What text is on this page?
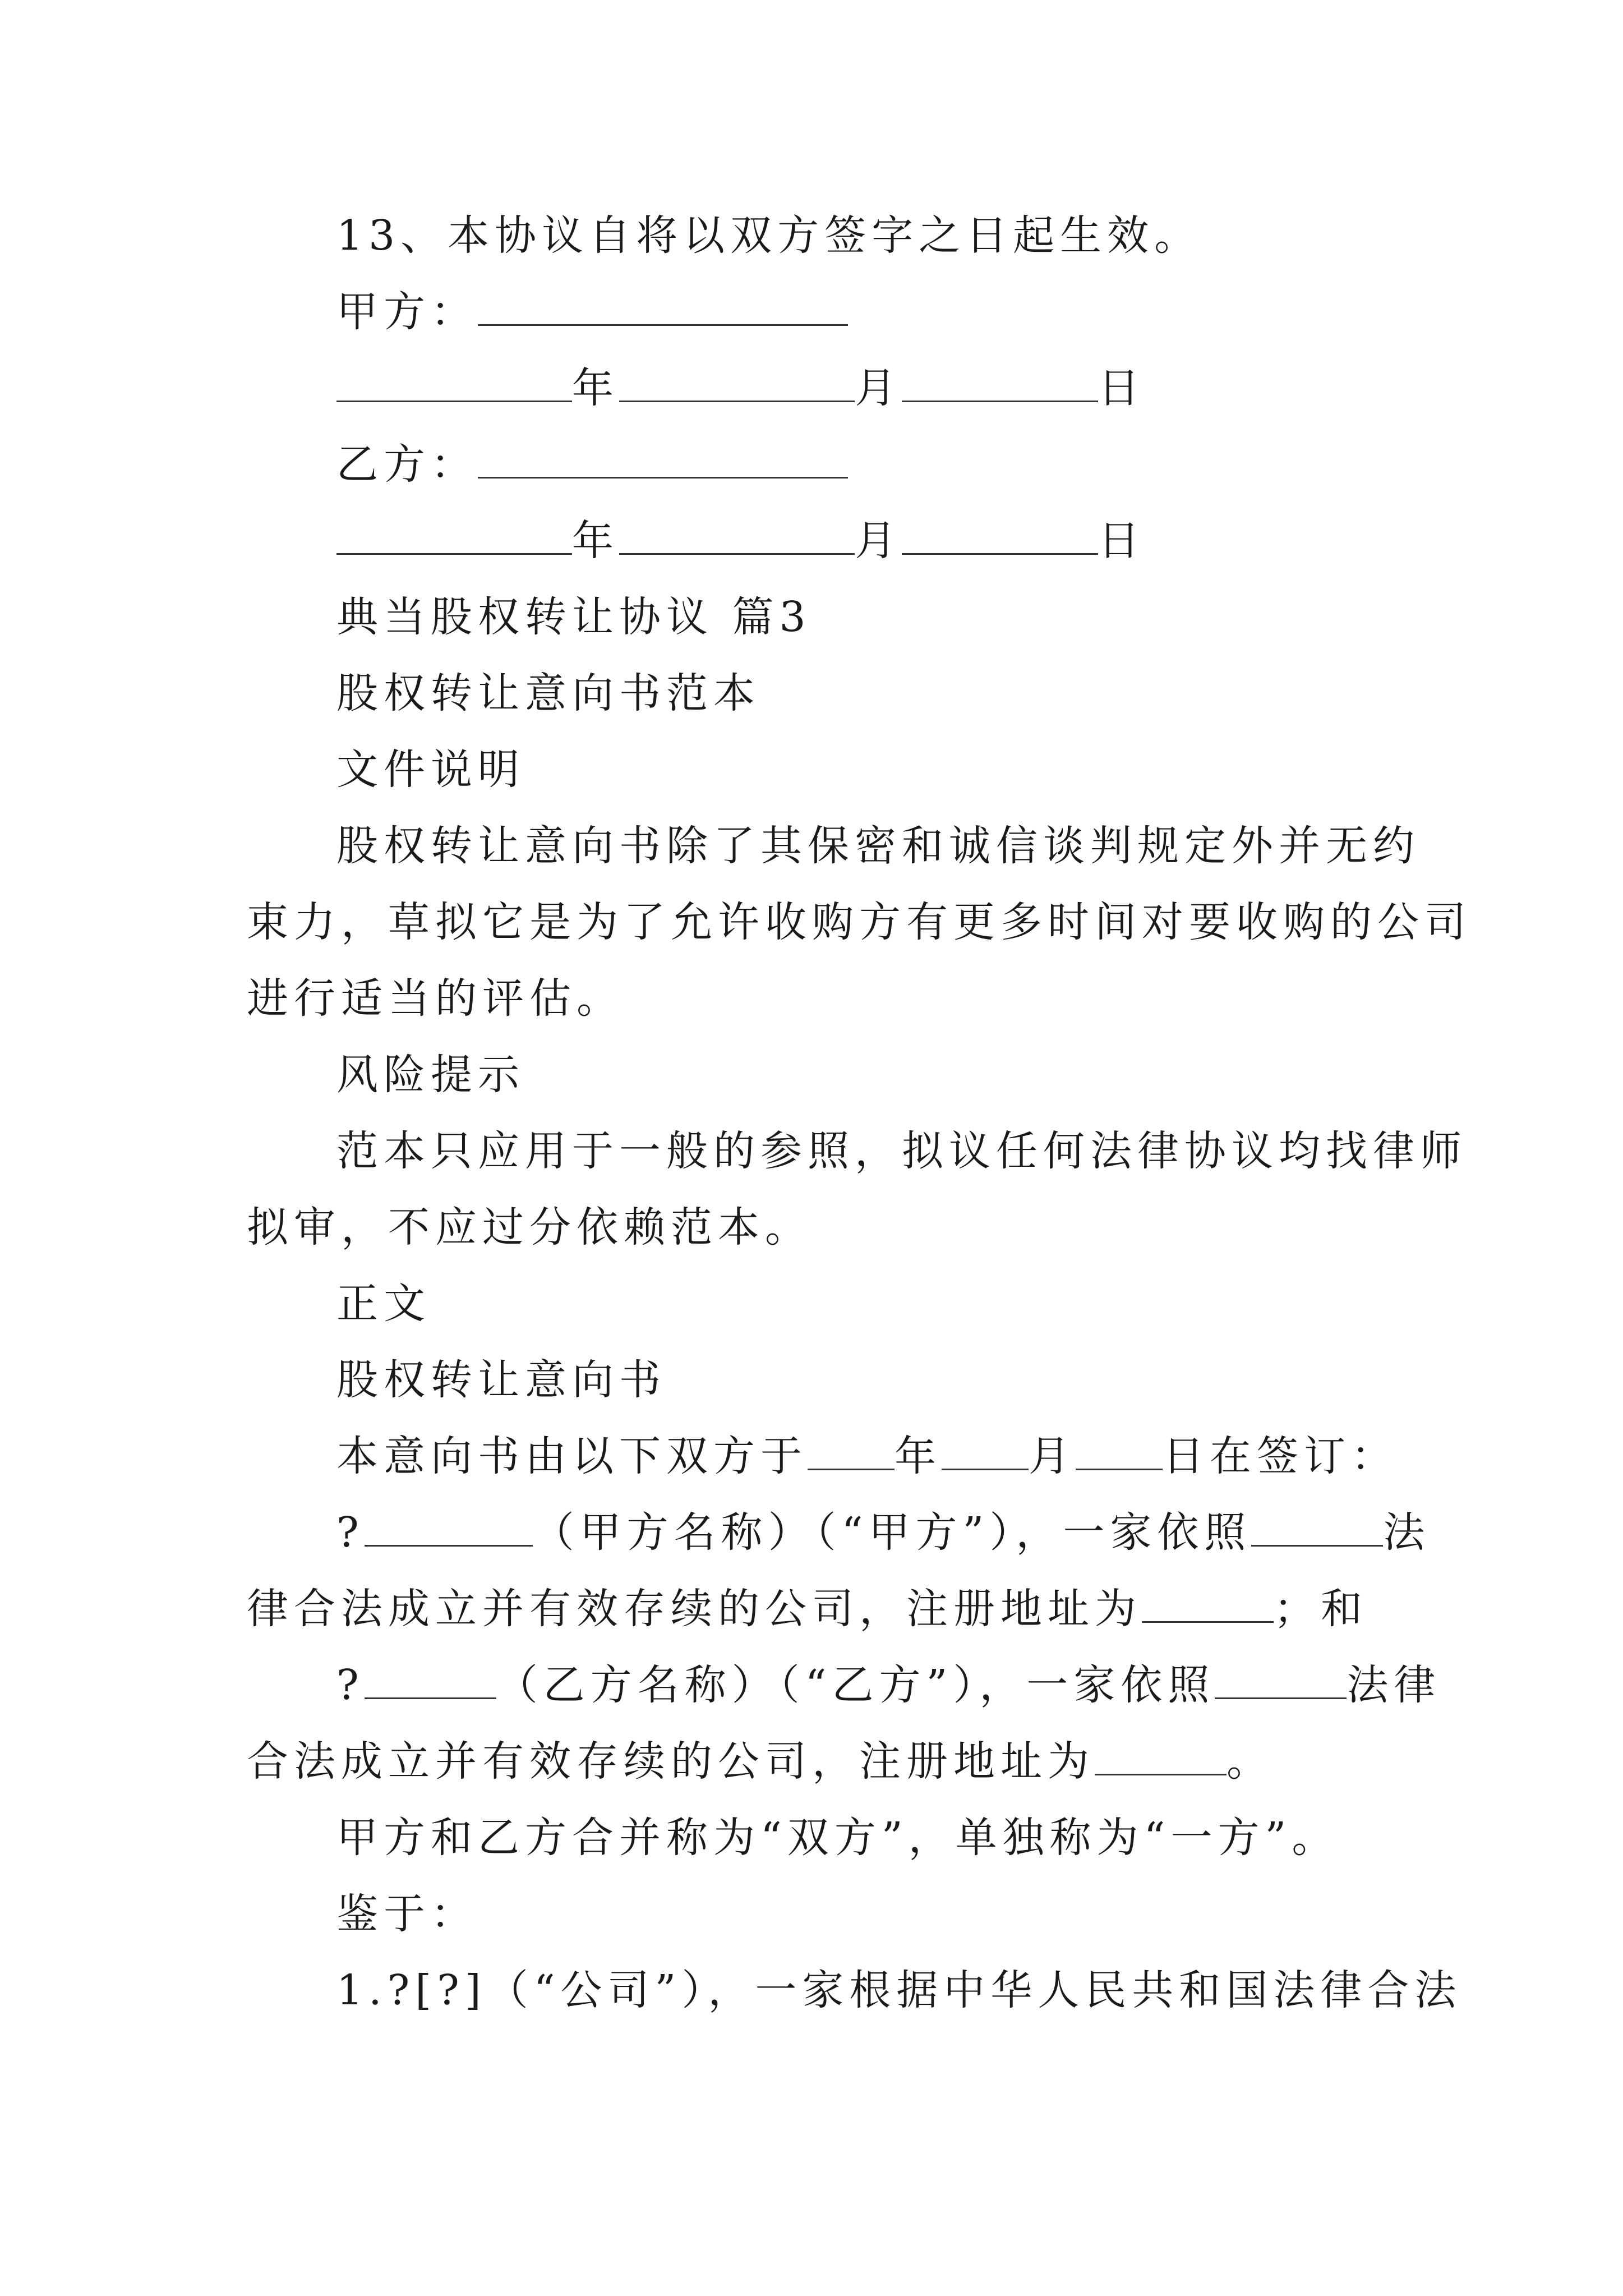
13、本协议自将以双方签字之日起生效。
甲方：
年	月	日
乙方：
年	月	日
典当股权转让协议 篇3
股权转让意向书范本
文件说明
股权转让意向书除了其保密和诚信谈判规定外并无约
束力，草拟它是为了允许收购方有更多时间对要收购的公司
进行适当的评估。
风险提示
范本只应用于一般的参照，拟议任何法律协议均找律师
拟审，不应过分依赖范本。
正文
股权转让意向书
本意向书由以下双方于 年 月 日在签订：
?	（甲方名称）（“甲方”），一家依照	法
律合法成立并有效存续的公司，注册地址为	；和
?	（乙方名称）（“乙方”），一家依照	法律
合法成立并有效存续的公司，注册地址为	。
甲方和乙方合并称为“双方”，单独称为“一方”。
鉴于：
1.?[?]（“公司”），一家根据中华人民共和国法律合法
